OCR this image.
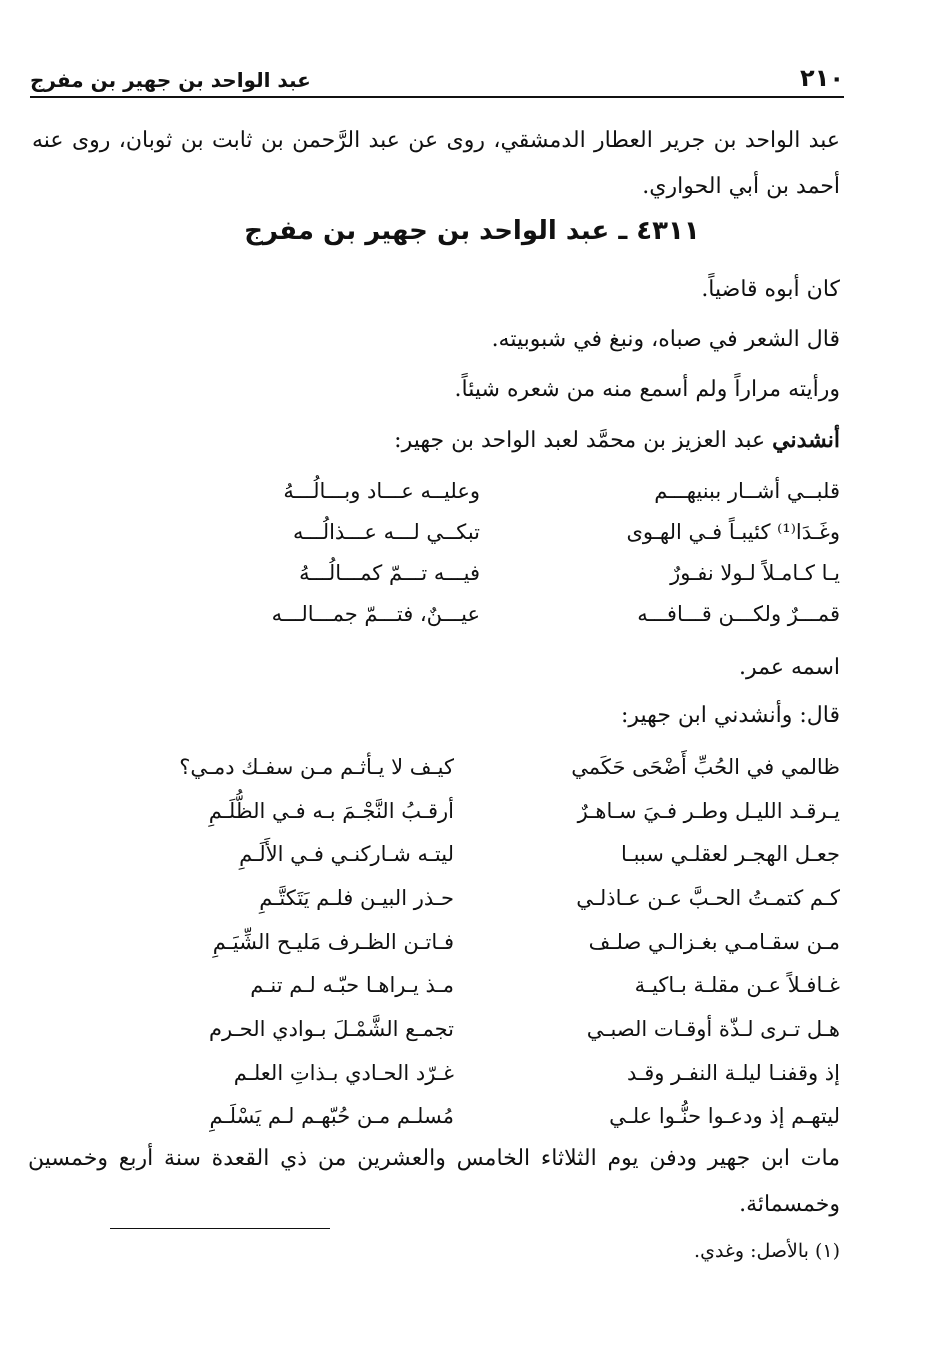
٢١٠
عبد الواحد بن جهير بن مفرج
عبد الواحد بن جرير العطار الدمشقي، روى عن عبد الرَّحمن بن ثابت بن ثوبان، روى عنه أحمد بن أبي الحواري.
٤٣١١ ـ عبد الواحد بن جهير بن مفرج
كان أبوه قاضياً.
قال الشعر في صباه، ونبغ في شبوبيته.
ورأيته مراراً ولم أسمع منه من شعره شيئاً.
أنشدني عبد العزيز بن محمَّد لعبد الواحد بن جهير:
قلبــي أشــار ببنيهـــم
وعليــه عـــاد وبـــالُـــهُ
وغَـدَا⁽¹⁾ كئيبـاً فـي الهـوى
تبكــي لـــه عـــذالُـــه
يـا كـامـلاً لـولا نفـورٌ
فيـــه تـــمّ كمـــالُـــهُ
قمـــرٌ ولكـــن قـــافـــه
عيـــنٌ، فتـــمّ جمـــالـــه
اسمه عمر.
قال: وأنشدني ابن جهير:
ظالمي في الحُبِّ أَضْحَى حَكَمي
كيـف لا يـأثـم مـن سفـك دمـي؟
يـرقـد الليـل وطـر فـيَ سـاهـرٌ
أرقـبُ النَّجْـمَ بـه فـي الظُّلَـمِ
جعـل الهجـر لعقلـي سببـا
ليتـه شـاركنـي فـي الأَلَـمِ
كـم كتمـتُ الحـبَّ عـن عـاذلـي
حـذر البيـن فلـم يَتَكتَّـمِ
مـن سقـامـي بغـزالـي صلـف
فـاتـن الظـرف مَليـح الشِّيَـمِ
غـافـلاً عـن مقلـة بـاكيـة
مـذ يـراهـا حبّـه لـم تنـم
هـل تـرى لـذّة أوقـات الصبـي
تجمـع الشَّمْـلَ بـوادي الحـرم
إذ وقفنـا ليلـة النفـر وقـد
غـرّد الحـادي بـذاتِ العلـم
ليتهـم إذ ودعـوا حنُّـوا علـي
مُسلـم مـن حُبّهـم لـم يَسْلَـمِ
مات ابن جهير ودفن يوم الثلاثاء الخامس والعشرين من ذي القعدة سنة أربع وخمسين وخمسمائة.
(١) بالأصل: وغدي.
